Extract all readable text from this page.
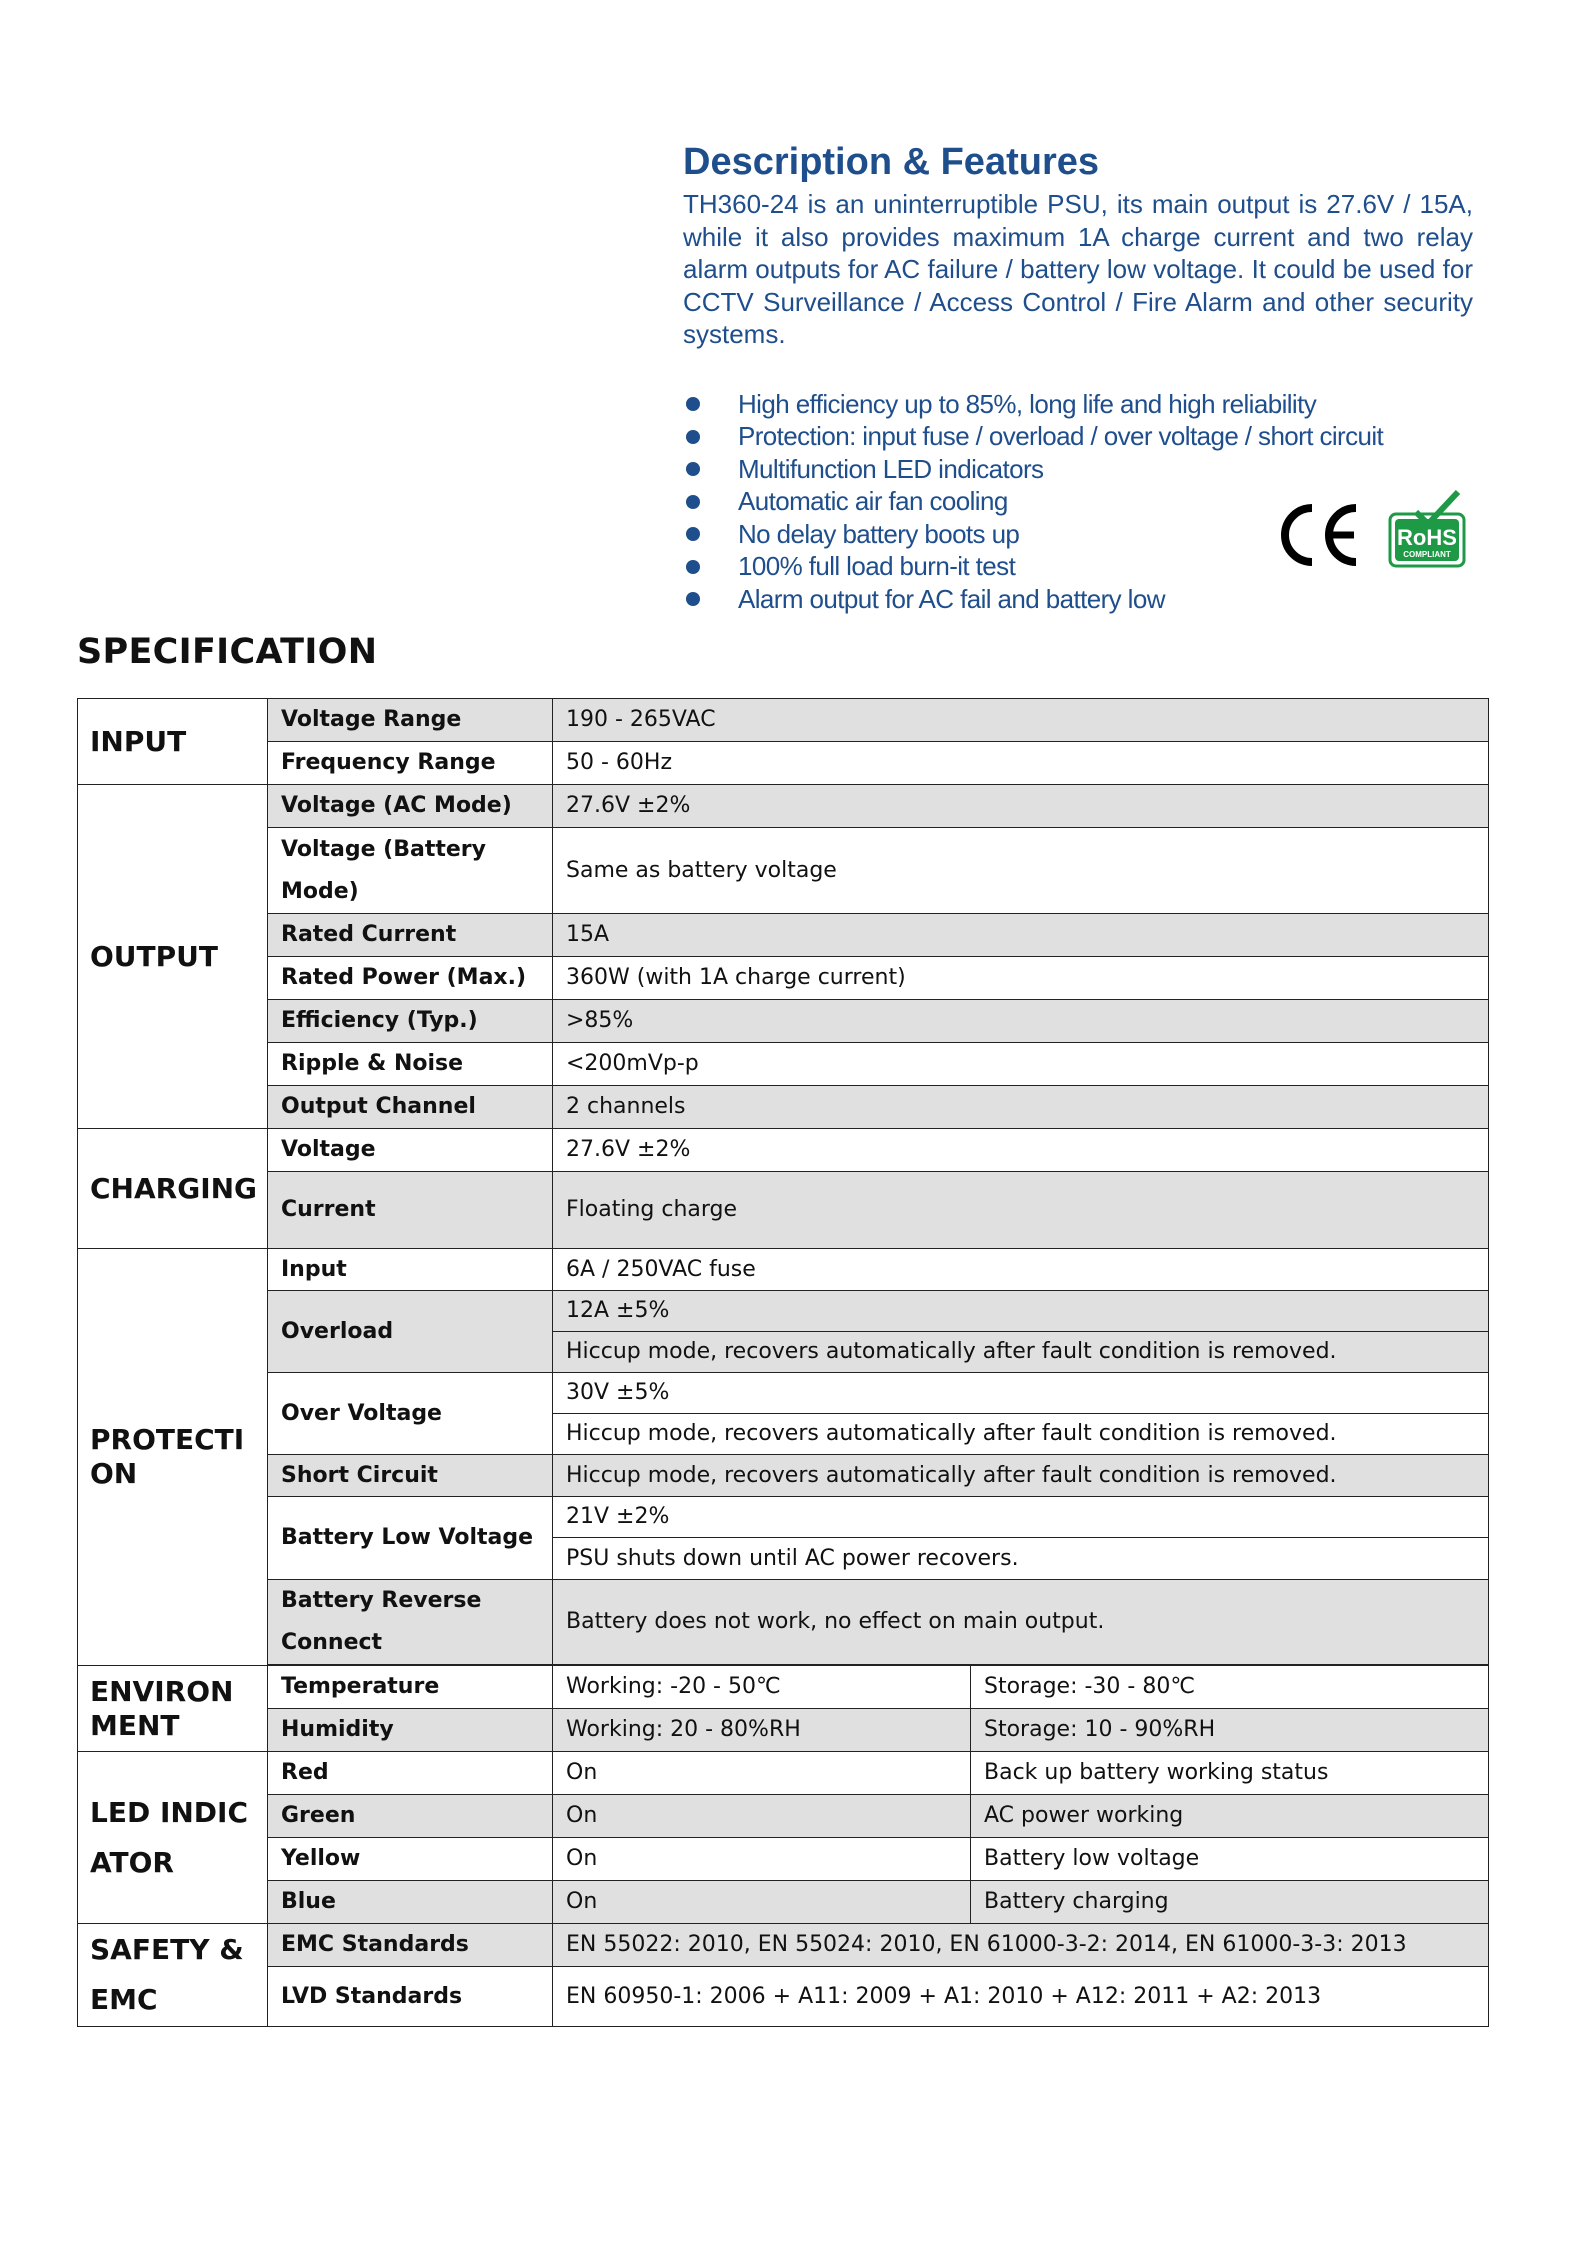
Description & Features

TH360-24 is an uninterruptible PSU, its main output is 27.6V / 15A, while it also provides maximum 1A charge current and two relay alarm outputs for AC failure / battery low voltage. It could be used for CCTV Surveillance / Access Control / Fire Alarm and other security systems.

High efficiency up to 85%, long life and high reliability
Protection: input fuse / overload / over voltage / short circuit
Multifunction LED indicators
Automatic air fan cooling
No delay battery boots up
100% full load burn-it test
Alarm output for AC fail and battery low
RoHS
COMPLIANT
SPECIFICATION
INPUT	Voltage Range	190 - 265VAC	
	Frequency Range	50 - 60Hz	
OUTPUT	Voltage (AC Mode)	27.6V ±2%	
	Voltage (Battery Mode)	Same as battery voltage	
	Rated Current	15A	
	Rated Power (Max.)	360W (with 1A charge current)	
	Efficiency (Typ.)	>85%	
	Ripple & Noise	<200mVp-p	
	Output Channel	2 channels	
CHARGING	Voltage	27.6V ±2%	
	Current	Floating charge	
PROTECTION	Input	6A / 250VAC fuse	
	Overload	12A ±5%	
		Hiccup mode, recovers automatically after fault condition is removed.	
	Over Voltage	30V ±5%	
		Hiccup mode, recovers automatically after fault condition is removed.	
	Short Circuit	Hiccup mode, recovers automatically after fault condition is removed.	
	Battery Low Voltage	21V ±2%	
		PSU shuts down until AC power recovers.	
	Battery Reverse Connect	Battery does not work, no effect on main output.	

ENVIRONMENT	Temperature	Working: -20 - 50℃	Storage: -30 - 80℃
	Humidity	Working: 20 - 80%RH	Storage: 10 - 90%RH
LED INDICATOR	Red	On	Back up battery working status
	Green	On	AC power working
	Yellow	On	Battery low voltage
	Blue	On	Battery charging
SAFETY & EMC	EMC Standards	EN 55022: 2010, EN 55024: 2010, EN 61000-3-2: 2014, EN 61000-3-3: 2013	
	LVD Standards	EN 60950-1: 2006 + A11: 2009 + A1: 2010 + A12: 2011 + A2: 2013	
